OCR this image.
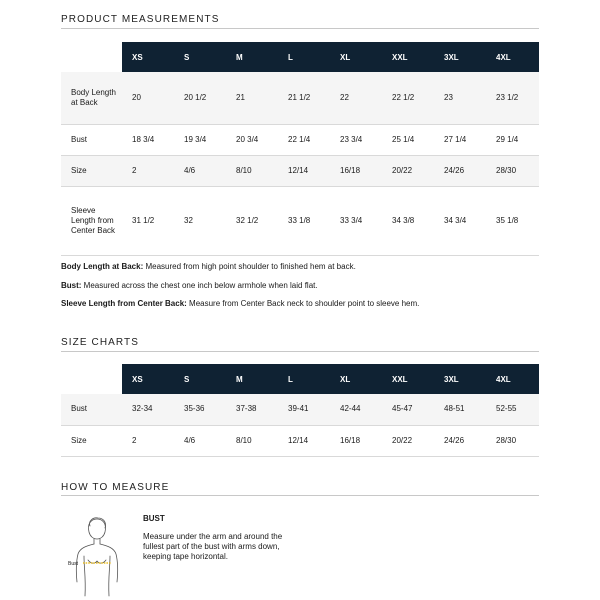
PRODUCT MEASUREMENTS
	XS	S	M	L	XL	XXL	3XL	4XL
Body Length at Back	20	20 1/2	21	21 1/2	22	22 1/2	23	23 1/2
Bust	18 3/4	19 3/4	20 3/4	22 1/4	23 3/4	25 1/4	27 1/4	29 1/4
Size	2	4/6	8/10	12/14	16/18	20/22	24/26	28/30
Sleeve Length from Center Back	31 1/2	32	32 1/2	33 1/8	33 3/4	34 3/8	34 3/4	35 1/8

Body Length at Back: Measured from high point shoulder to finished hem at back.

Bust: Measured across the chest one inch below armhole when laid flat.

Sleeve Length from Center Back: Measure from Center Back neck to shoulder point to sleeve hem.

SIZE CHARTS
	XS	S	M	L	XL	XXL	3XL	4XL
Bust	32-34	35-36	37-38	39-41	42-44	45-47	48-51	52-55
Size	2	4/6	8/10	12/14	16/18	20/22	24/26	28/30
HOW TO MEASURE
Bust
BUST
Measure under the arm and around the fullest part of the bust with arms down, keeping tape horizontal.
